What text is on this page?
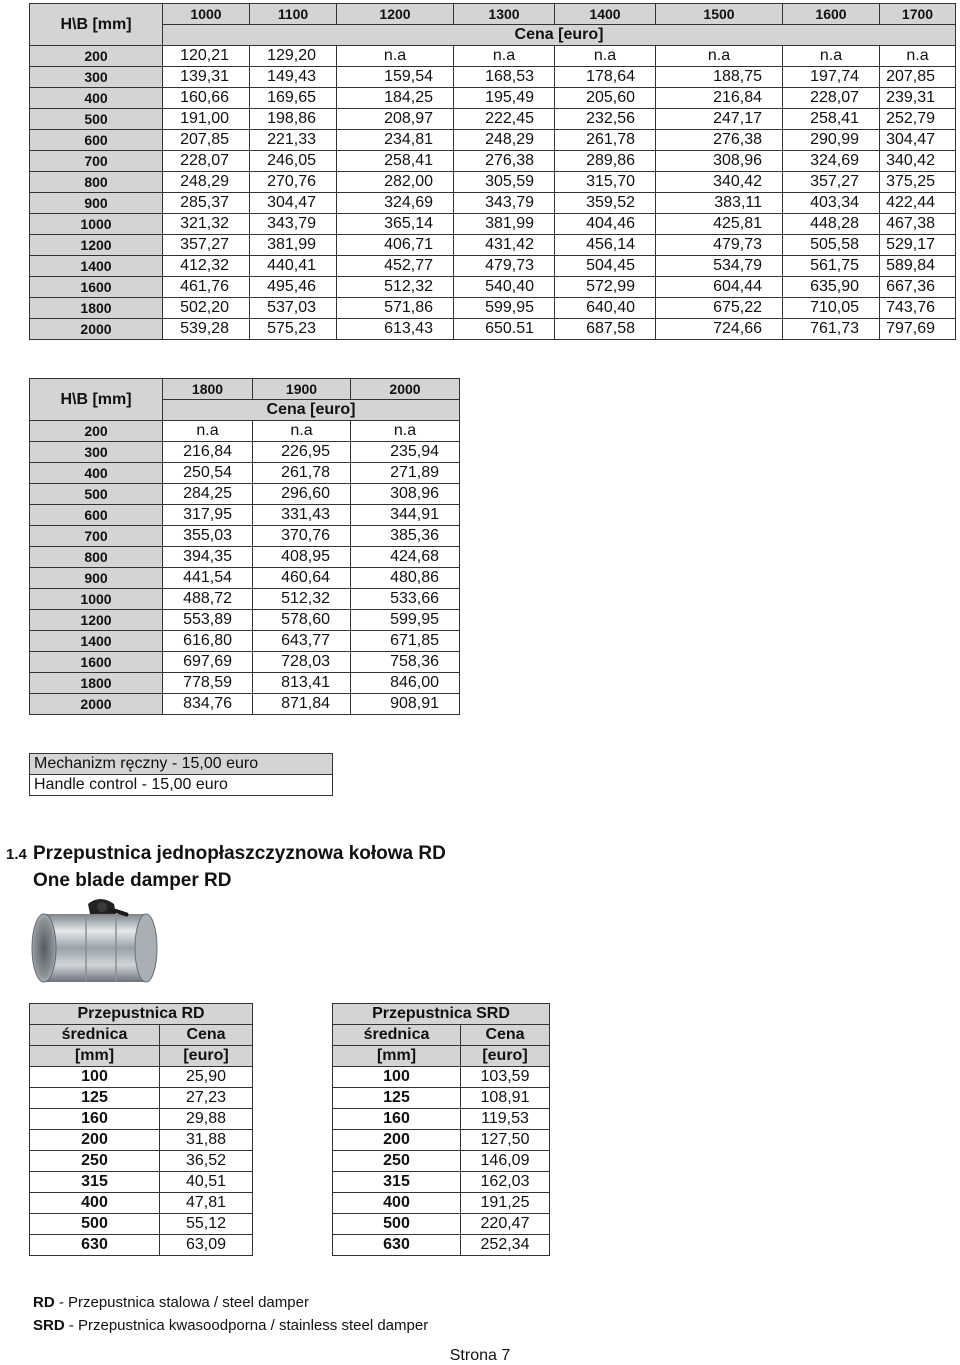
H\B [mm]	1000	1100	1200	1300	1400	1500	1600	1700
	Cena [euro]							
200	120,21	129,20	n.a	n.a	n.a	n.a	n.a	n.a
300	139,31	149,43	159,54	168,53	178,64	188,75	197,74	207,85
400	160,66	169,65	184,25	195,49	205,60	216,84	228,07	239,31
500	191,00	198,86	208,97	222,45	232,56	247,17	258,41	252,79
600	207,85	221,33	234,81	248,29	261,78	276,38	290,99	304,47
700	228,07	246,05	258,41	276,38	289,86	308,96	324,69	340,42
800	248,29	270,76	282,00	305,59	315,70	340,42	357,27	375,25
900	285,37	304,47	324,69	343,79	359,52	383,11	403,34	422,44
1000	321,32	343,79	365,14	381,99	404,46	425,81	448,28	467,38
1200	357,27	381,99	406,71	431,42	456,14	479,73	505,58	529,17
1400	412,32	440,41	452,77	479,73	504,45	534,79	561,75	589,84
1600	461,76	495,46	512,32	540,40	572,99	604,44	635,90	667,36
1800	502,20	537,03	571,86	599,95	640,40	675,22	710,05	743,76
2000	539,28	575,23	613,43	650.51	687,58	724,66	761,73	797,69
H\B [mm]	1800	1900	2000
	Cena [euro]		
200	n.a	n.a	n.a
300	216,84	226,95	235,94
400	250,54	261,78	271,89
500	284,25	296,60	308,96
600	317,95	331,43	344,91
700	355,03	370,76	385,36
800	394,35	408,95	424,68
900	441,54	460,64	480,86
1000	488,72	512,32	533,66
1200	553,89	578,60	599,95
1400	616,80	643,77	671,85
1600	697,69	728,03	758,36
1800	778,59	813,41	846,00
2000	834,76	871,84	908,91
Mechanizm ręczny - 15,00 euro
Handle control - 15,00 euro
1.4 Przepustnica jednopłaszczyznowa kołowa RD
One blade damper RD
Przepustnica RD	
średnica	Cena
[mm]	[euro]
100	25,90
125	27,23
160	29,88
200	31,88
250	36,52
315	40,51
400	47,81
500	55,12
630	63,09
Przepustnica SRD	
średnica	Cena
[mm]	[euro]
100	103,59
125	108,91
160	119,53
200	127,50
250	146,09
315	162,03
400	191,25
500	220,47
630	252,34
RD - Przepustnica stalowa / steel damper
SRD - Przepustnica kwasoodporna / stainless steel damper
Strona 7
